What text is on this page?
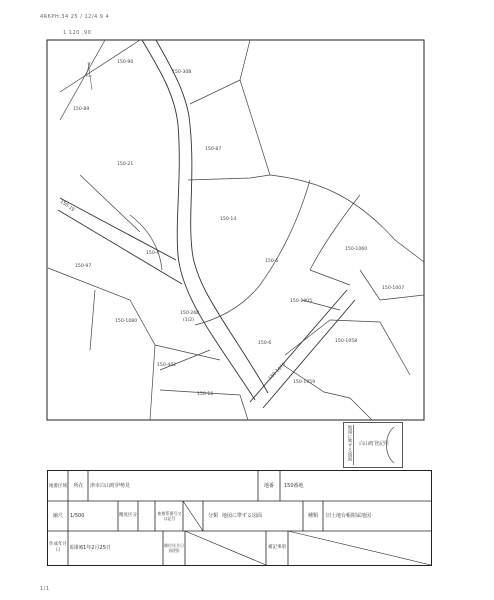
4R6PH:34 25 / 12/4 9 4
1 120 ,90
150-90
150-30B
150-89
150-87
150-21
150-19
150-14
150-97
150-4
150-1060
150-5
150-1007
150-1005
150-1080
150-26B
(1/2)
150-6	150-1058
150-402
150-1059
150-16
150-1070
地図に準ずる図面	白山町登記所
地番区域	所在	津市白山町伊勢見	地番	150番地
縮尺	1/500	精度区分	座標系番号又は記号	分類 地図に準ずる図面	種類	旧土地台帳附属地図
作成年月日	昭和61年2月25日	備付年月日(原図)
補記事項
1/1
